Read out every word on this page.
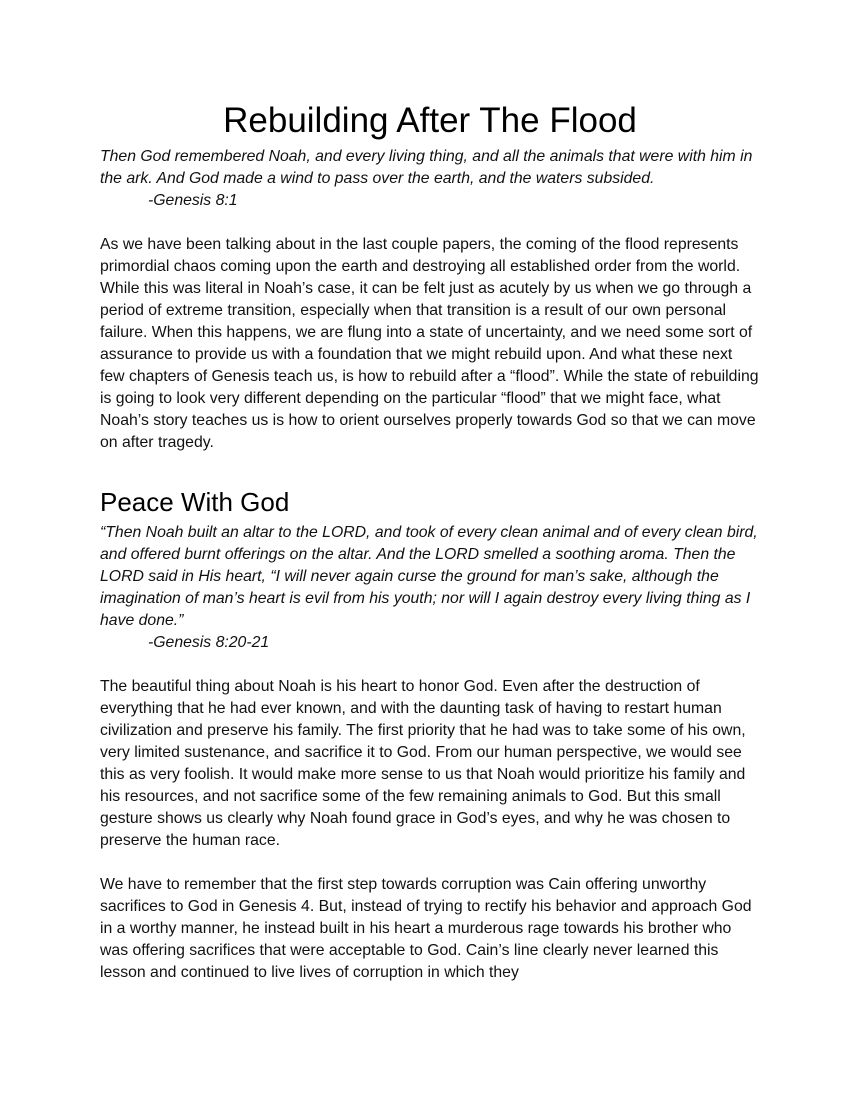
Rebuilding After The Flood

Then God remembered Noah, and every living thing, and all the animals that were with him in the ark. And God made a wind to pass over the earth, and the waters subsided.

-Genesis 8:1

As we have been talking about in the last couple papers, the coming of the flood represents primordial chaos coming upon the earth and destroying all established order from the world. While this was literal in Noah’s case, it can be felt just as acutely by us when we go through a period of extreme transition, especially when that transition is a result of our own personal failure. When this happens, we are flung into a state of uncertainty, and we need some sort of assurance to provide us with a foundation that we might rebuild upon. And what these next few chapters of Genesis teach us, is how to rebuild after a “flood”. While the state of rebuilding is going to look very different depending on the particular “flood” that we might face, what Noah’s story teaches us is how to orient ourselves properly towards God so that we can move on after tragedy.

Peace With God

“Then Noah built an altar to the LORD, and took of every clean animal and of every clean bird, and offered burnt offerings on the altar. And the LORD smelled a soothing aroma. Then the LORD said in His heart, “I will never again curse the ground for man’s sake, although the imagination of man’s heart is evil from his youth; nor will I again destroy every living thing as I have done.”

-Genesis 8:20-21

The beautiful thing about Noah is his heart to honor God. Even after the destruction of everything that he had ever known, and with the daunting task of having to restart human civilization and preserve his family. The first priority that he had was to take some of his own, very limited sustenance, and sacrifice it to God. From our human perspective, we would see this as very foolish. It would make more sense to us that Noah would prioritize his family and his resources, and not sacrifice some of the few remaining animals to God. But this small gesture shows us clearly why Noah found grace in God’s eyes, and why he was chosen to preserve the human race.

We have to remember that the first step towards corruption was Cain offering unworthy sacrifices to God in Genesis 4. But, instead of trying to rectify his behavior and approach God in a worthy manner, he instead built in his heart a murderous rage towards his brother who was offering sacrifices that were acceptable to God. Cain’s line clearly never learned this lesson and continued to live lives of corruption in which they
